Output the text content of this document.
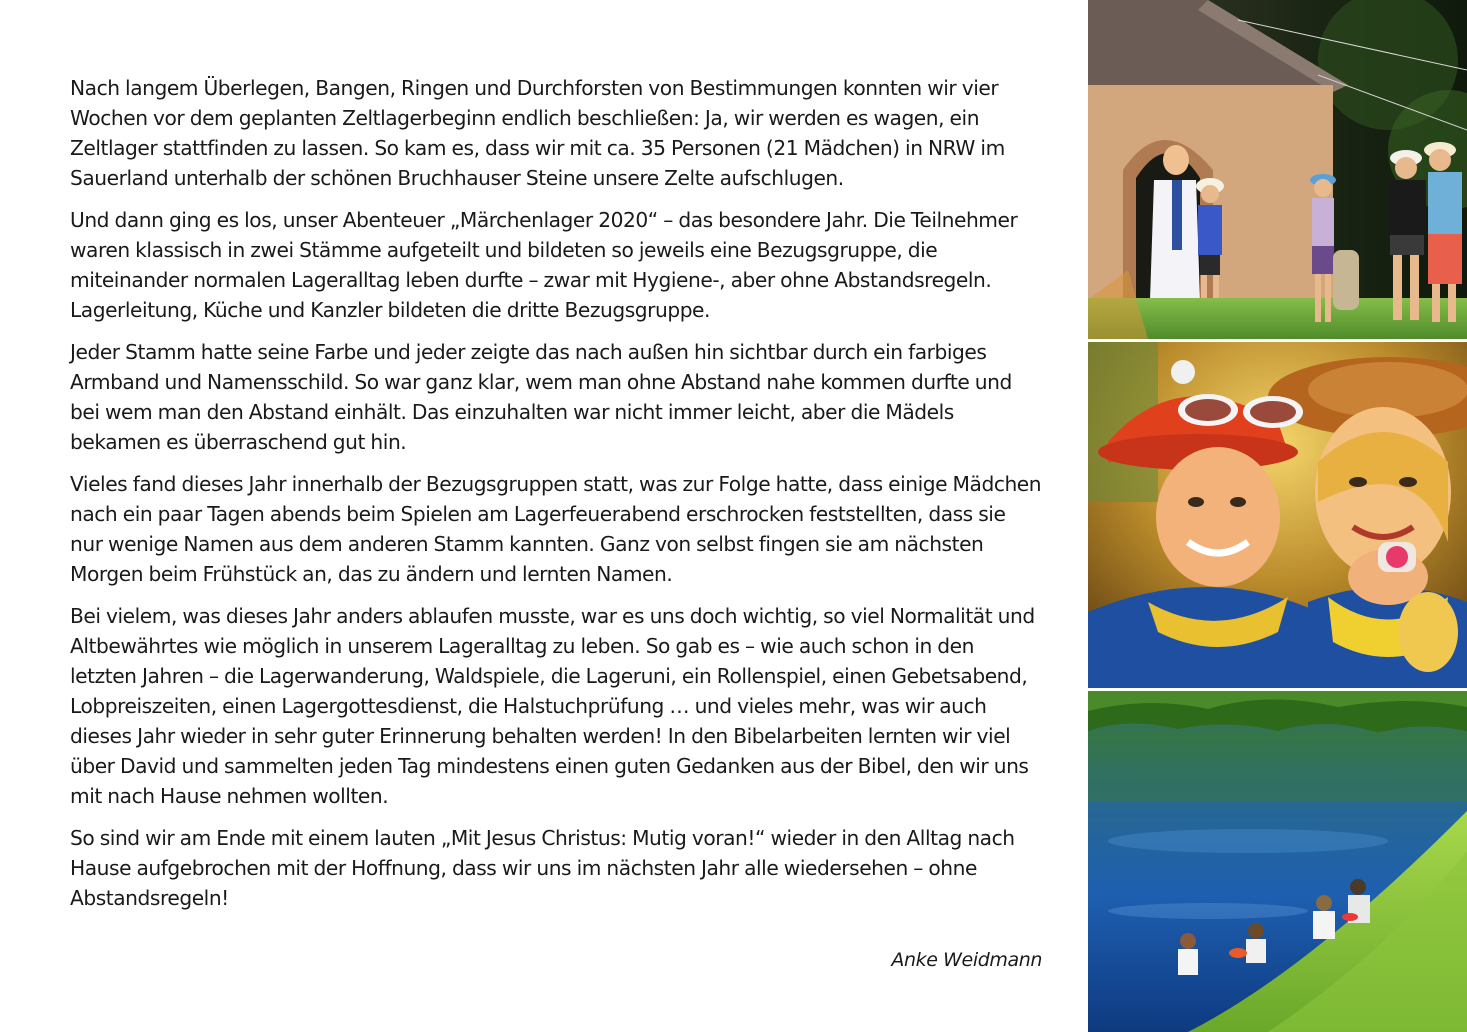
Nach langem Überlegen, Bangen, Ringen und Durchforsten von Bestimmungen konnten wir vier Wochen vor dem geplanten Zeltlagerbeginn endlich beschließen: Ja, wir werden es wagen, ein Zeltlager stattfinden zu lassen. So kam es, dass wir mit ca. 35 Personen (21 Mädchen) in NRW im Sauerland unterhalb der schönen Bruchhauser Steine unsere Zelte aufschlugen.

Und dann ging es los, unser Abenteuer „Märchenlager 2020“ – das besondere Jahr. Die Teilnehmer waren klassisch in zwei Stämme aufgeteilt und bildeten so jeweils eine Bezugsgruppe, die miteinander normalen Lageralltag leben durfte – zwar mit Hygiene-, aber ohne Abstandsregeln. Lagerleitung, Küche und Kanzler bildeten die dritte Bezugsgruppe.

Jeder Stamm hatte seine Farbe und jeder zeigte das nach außen hin sichtbar durch ein farbiges Armband und Namensschild. So war ganz klar, wem man ohne Abstand nahe kommen durfte und bei wem man den Abstand einhält. Das einzuhalten war nicht immer leicht, aber die Mädels bekamen es überraschend gut hin.

Vieles fand dieses Jahr innerhalb der Bezugsgruppen statt, was zur Folge hatte, dass einige Mädchen nach ein paar Tagen abends beim Spielen am Lagerfeuerabend erschrocken feststellten, dass sie nur wenige Namen aus dem anderen Stamm kannten. Ganz von selbst fingen sie am nächsten Morgen beim Frühstück an, das zu ändern und lernten Namen.

Bei vielem, was dieses Jahr anders ablaufen musste, war es uns doch wichtig, so viel Normalität und Altbewährtes wie möglich in unserem Lageralltag zu leben. So gab es – wie auch schon in den letzten Jahren – die Lagerwanderung, Waldspiele, die Lageruni, ein Rollenspiel, einen Gebetsabend, Lobpreiszeiten, einen Lagergottesdienst, die Halstuchprüfung … und vieles mehr, was wir auch dieses Jahr wieder in sehr guter Erinnerung behalten werden! In den Bibelarbeiten lernten wir viel über David und sammelten jeden Tag mindestens einen guten Gedanken aus der Bibel, den wir uns mit nach Hause nehmen wollten.

So sind wir am Ende mit einem lauten „Mit Jesus Christus: Mutig voran!“ wieder in den Alltag nach Hause aufgebrochen mit der Hoffnung, dass wir uns im nächsten Jahr alle wiedersehen – ohne Abstandsregeln!

Anke Weidmann
